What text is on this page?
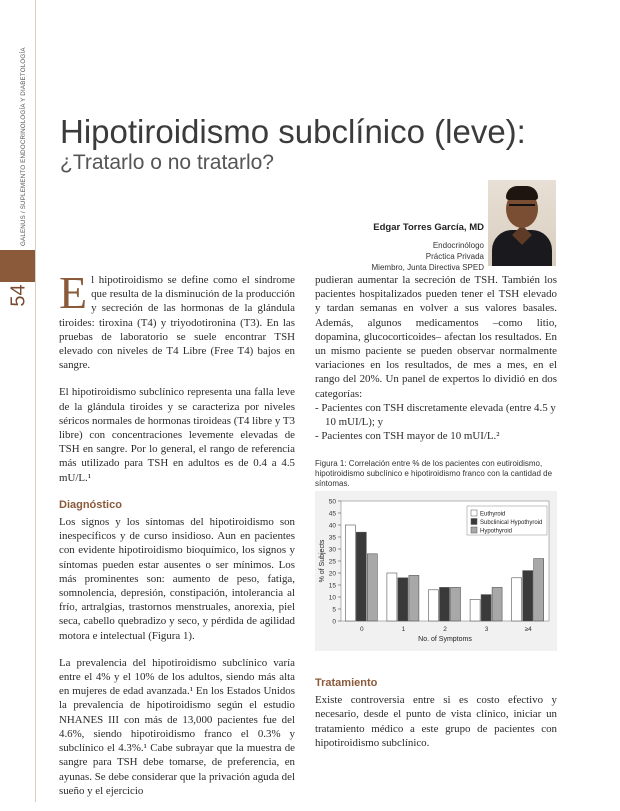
GALENUS / SUPLEMENTO ENDOCRINOLOGÍA Y DIABETOLOGÍA
54
Hipotiroidismo subclínico (leve):
¿Tratarlo o no tratarlo?
Edgar Torres García, MD
Endocrinólogo
Práctica Privada
Miembro, Junta Directiva SPED

El hipotiroidismo se define como el síndrome que resulta de la disminución de la producción y secreción de las hormonas de la glándula tiroides: tiroxina (T4) y triyodotironina (T3). En las pruebas de laboratorio se suele encontrar TSH elevado con niveles de T4 Libre (Free T4) bajos en sangre.

El hipotiroidismo subclínico representa una falla leve de la glándula tiroides y se caracteriza por niveles séricos normales de hormonas tiroideas (T4 libre y T3 libre) con concentraciones levemente elevadas de TSH en sangre. Por lo general, el rango de referencia más utilizado para TSH en adultos es de 0.4 a 4.5 mU/L.¹

Diagnóstico

Los signos y los síntomas del hipotiroidismo son inespecíficos y de curso insidioso. Aun en pacientes con evidente hipotiroidismo bioquímico, los signos y síntomas pueden estar ausentes o ser mínimos. Los más prominentes son: aumento de peso, fatiga, somnolencia, depresión, constipación, intolerancia al frío, artralgias, trastornos menstruales, anorexia, piel seca, cabello quebradizo y seco, y pérdida de agilidad motora e intelectual (Figura 1).

La prevalencia del hipotiroidismo subclínico varía entre el 4% y el 10% de los adultos, siendo más alta en mujeres de edad avanzada.¹ En los Estados Unidos la prevalencia de hipotiroidismo según el estudio NHANES III con más de 13,000 pacientes fue del 4.6%, siendo hipotiroidismo franco el 0.3% y subclínico el 4.3%.¹ Cabe subrayar que la muestra de sangre para TSH debe tomarse, de preferencia, en ayunas. Se debe considerar que la privación aguda del sueño y el ejercicio

pudieran aumentar la secreción de TSH. También los pacientes hospitalizados pueden tener el TSH elevado y tardan semanas en volver a sus valores basales. Además, algunos medicamentos –como litio, dopamina, glucocorticoides– afectan los resultados. En un mismo paciente se pueden observar normalmente variaciones en los resultados, de mes a mes, en el rango del 20%. Un panel de expertos lo dividió en dos categorías:

- Pacientes con TSH discretamente elevada (entre 4.5 y 10 mUI/L); y
- Pacientes con TSH mayor de 10 mUI/L.²
Figura 1: Correlación entre % de los pacientes con eutiroidismo, hipotiroidismo subclínico e hipotiroidismo franco con la cantidad de síntomas.
0
5
10
15
20
25
30
35
40
45
50
0	1	2	3	≥4
No. of Symptoms
% of Subjects
Euthyroid
Subclinical Hypothyroid
Hypothyroid
Tratamiento

Existe controversia entre si es costo efectivo y necesario, desde el punto de vista clínico, iniciar un tratamiento médico a este grupo de pacientes con hipotiroidismo subclínico.
